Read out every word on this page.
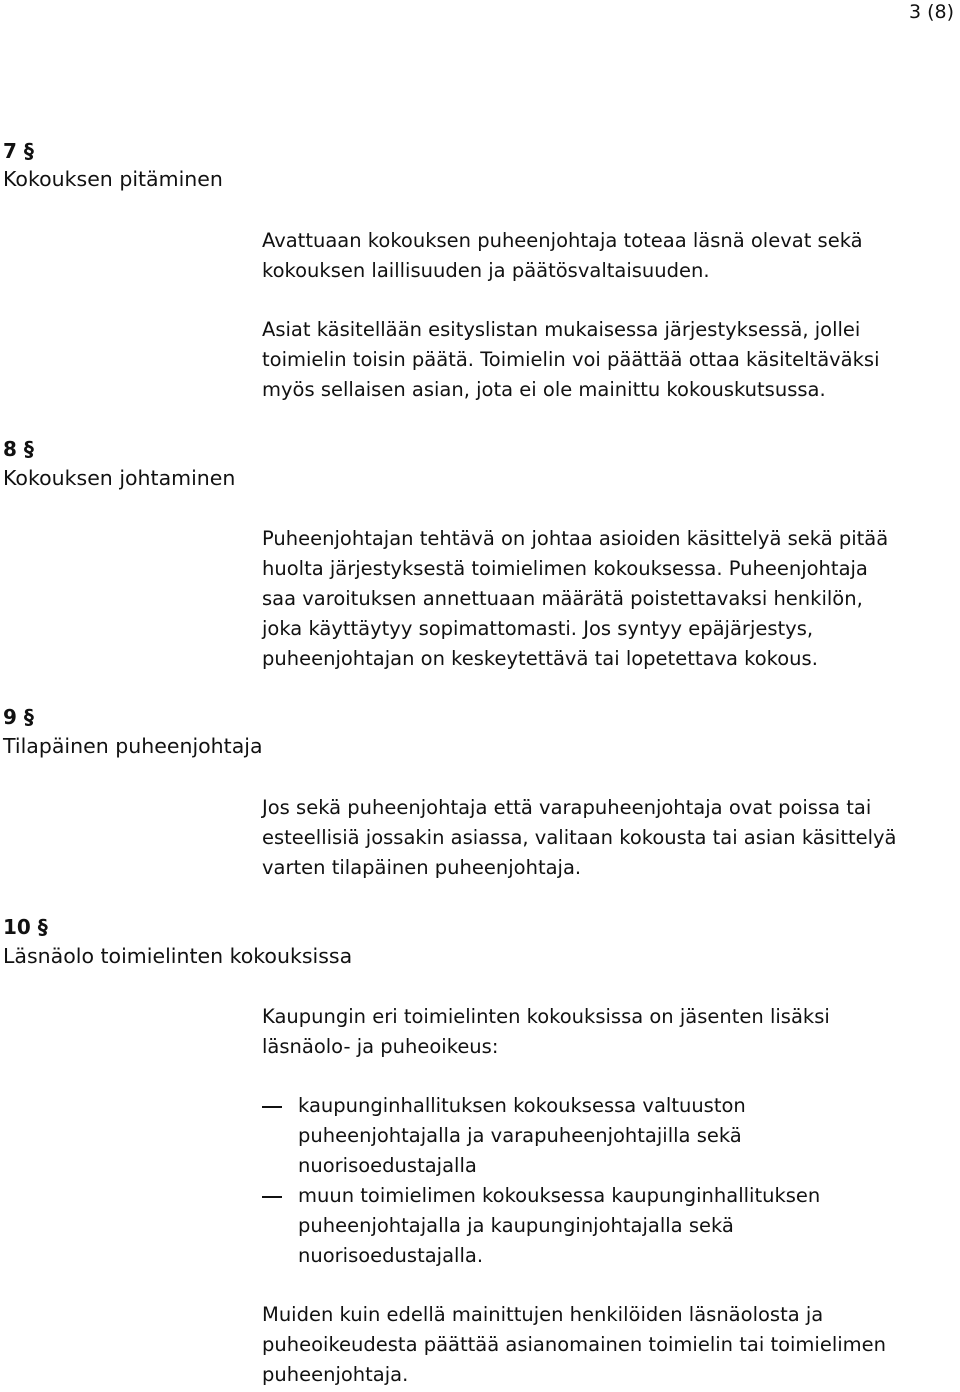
3 (8)
7 §
Kokouksen pitäminen
Avattuaan kokouksen puheenjohtaja toteaa läsnä olevat sekä
kokouksen laillisuuden ja päätösvaltaisuuden.
Asiat käsitellään esityslistan mukaisessa järjestyksessä, jollei
toimielin toisin päätä. Toimielin voi päättää ottaa käsiteltäväksi
myös sellaisen asian, jota ei ole mainittu kokouskutsussa.
8 §
Kokouksen johtaminen
Puheenjohtajan tehtävä on johtaa asioiden käsittelyä sekä pitää
huolta järjestyksestä toimielimen kokouksessa. Puheenjohtaja
saa varoituksen annettuaan määrätä poistettavaksi henkilön,
joka käyttäytyy sopimattomasti. Jos syntyy epäjärjestys,
puheenjohtajan on keskeytettävä tai lopetettava kokous.
9 §
Tilapäinen puheenjohtaja
Jos sekä puheenjohtaja että varapuheenjohtaja ovat poissa tai
esteellisiä jossakin asiassa, valitaan kokousta tai asian käsittelyä
varten tilapäinen puheenjohtaja.
10 §
Läsnäolo toimielinten kokouksissa
Kaupungin eri toimielinten kokouksissa on jäsenten lisäksi
läsnäolo- ja puheoikeus:
kaupunginhallituksen kokouksessa valtuuston
puheenjohtajalla ja varapuheenjohtajilla sekä
nuorisoedustajalla
muun toimielimen kokouksessa kaupunginhallituksen
puheenjohtajalla ja kaupunginjohtajalla sekä
nuorisoedustajalla.
Muiden kuin edellä mainittujen henkilöiden läsnäolosta ja
puheoikeudesta päättää asianomainen toimielin tai toimielimen
puheenjohtaja.
